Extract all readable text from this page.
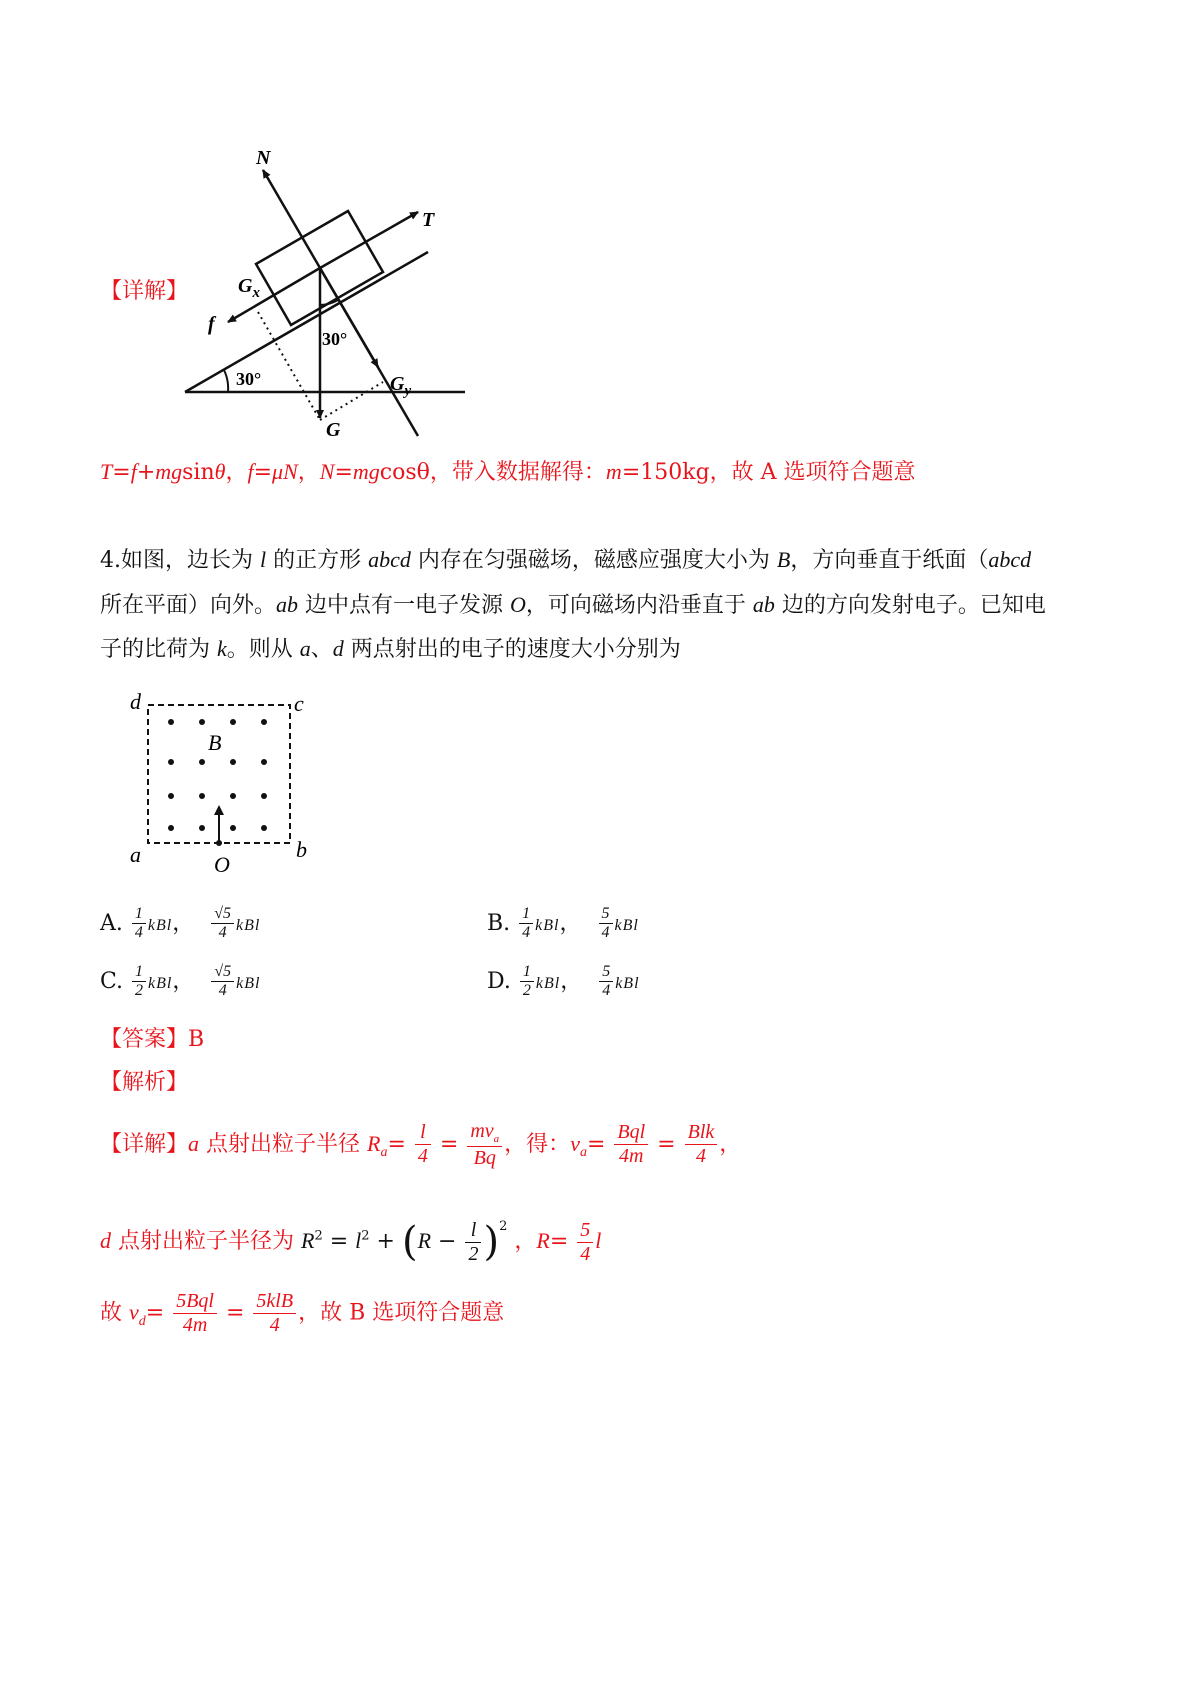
【详解】
N
T
$G_x$
f
30°
30°
G
$G_y$
T=f+mgsinθ，f=μN，N=mgcosθ，带入数据解得：m=150kg，故 A 选项符合题意
4.如图，边长为 l 的正方形 abcd 内存在匀强磁场，磁感应强度大小为 B，方向垂直于纸面（abcd
所在平面）向外。ab 边中点有一电子发源 O，可向磁场内沿垂直于 ab 边的方向发射电子。已知电
子的比荷为 k。则从 a、d 两点射出的电子的速度大小分别为
d	c
a	b
B
O
A. $\frac{1}{4}$ kBl， $\frac{√5}{4}$ kBl	B. $\frac{1}{4}$ kBl， $\frac{5}{4}$ kBl
C. $\frac{1}{2}$ kBl， $\frac{√5}{4}$ kBl	D. $\frac{1}{2}$ kBl， $\frac{5}{4}$ kBl
【答案】B
【解析】
【详解】a 点射出粒子半径 $R_a= \frac{l}{4} = \frac{mv_a}{Bq}$ ，得：$v_a= \frac{\text{Bql}}{4m} = \frac{\text{Blk}}{4}$ ，
d 点射出粒子半径为 $R^2 = l^2 + (R - \frac{l}{2} )^2$ ，$R= \frac{5}{4}$ l
故 $v_d= \frac{\text{5Bql}}{4m} = \frac{\text{5klB}}{4}$ ，故 B 选项符合题意
